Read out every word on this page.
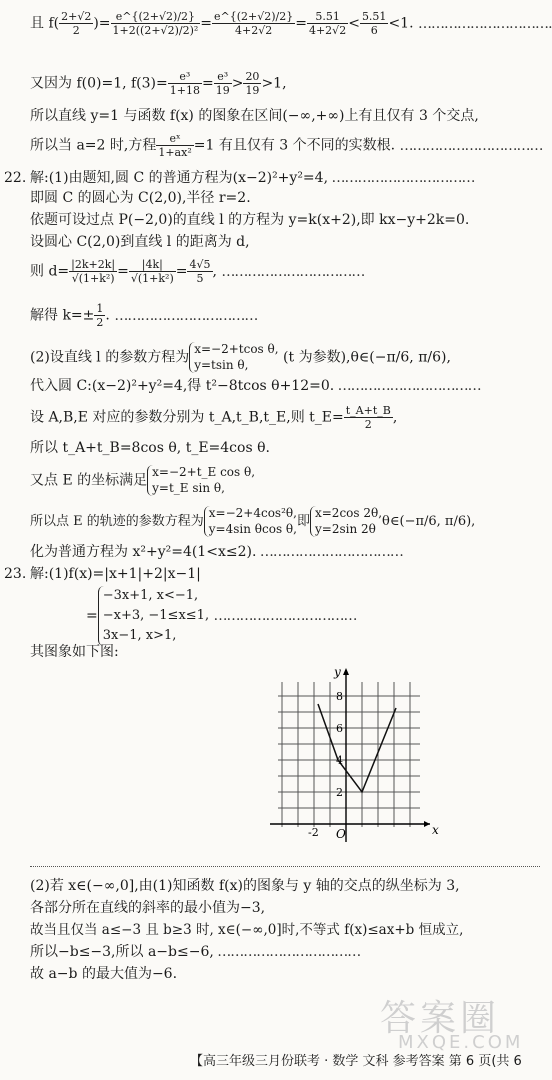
且 $f( \frac{2+√2}{2}$ )= $\frac{e\^{}\{(2+√2)/2\}}{\text{1+2((2+√2)/2)²}} = \frac{e\^{}\{(2+√2)/2\}}{4+2√2} = \frac{5.51}{4+2√2} < \frac{5.51}{6} <1$. ……………………………
又因为 f(0)=1, $f(3)= \frac{\text{e³}}{1+18} = \frac{\text{e³}}{19} > \frac{20}{19} >1$,
所以直线 y=1 与函数 f(x) 的图象在区间(−∞,+∞)上有且仅有 3 个交点,
所以当 a=2 时,方程 $\frac{\text{eˣ}}{\text{1+ax²}} =1$ 有且仅有 3 个不同的实数根. ……………………………
22. 解:(1)由题知,圆 C 的普通方程为(x−2)²+y²=4, ……………………………
即圆 C 的圆心为 C(2,0),半径 r=2.
依题可设过点 P(−2,0)的直线 l 的方程为 y=k(x+2),即 kx−y+2k=0.
设圆心 C(2,0)到直线 l 的距离为 d,
则 $d= \frac{|2k+2k|}{\text{√(1+k²)}} = \frac{|4k|}{\text{√(1+k²)}} = \frac{4√5}{5}$ , ……………………………
解得 $k=\pm \frac{1}{2}$ . ……………………………
(2)设直线 l 的参数方程为x=−2+tcos θ,
y=tsin θ, (t 为参数),θ∈(−π/6, π/6),
代入圆 C:(x−2)²+y²=4,得 t²−8tcos θ+12=0. ……………………………
设 A,B,E 对应的参数分别为 t_A,t_B,t_E,则 t_E= $\frac{t\_A+t\_B}{2}$ ,
所以 t_A+t_B=8cos θ, t_E=4cos θ.
又点 E 的坐标满足x=−2+t_E cos θ,
y=t_E sin θ,
所以点 E 的轨迹的参数方程为x=−2+4cos²θ,
y=4sin θcos θ,即x=2cos 2θ,
y=2sin 2θ θ∈(−π/6, π/6),
化为普通方程为 x²+y²=4(1<x≤2). ……………………………
23. 解:(1)f(x)=|x+1|+2|x−1|
=−3x+1, x<−1,
−x+3, −1≤x≤1,
3x−1, x>1, ……………………………
其图象如下图:
y
x
O
2
4
6
8
-2
(2)若 x∈(−∞,0],由(1)知函数 f(x)的图象与 y 轴的交点的纵坐标为 3,
各部分所在直线的斜率的最小值为−3,
故当且仅当 a≤−3 且 b≥3 时, x∈(−∞,0]时,不等式 f(x)≤ax+b 恒成立,
所以−b≤−3,所以 a−b≤−6, ……………………………
故 a−b 的最大值为−6.
答案圈
MXQE.COM
【高三年级三月份联考 · 数学 文科 参考答案 第 6 页(共 6
